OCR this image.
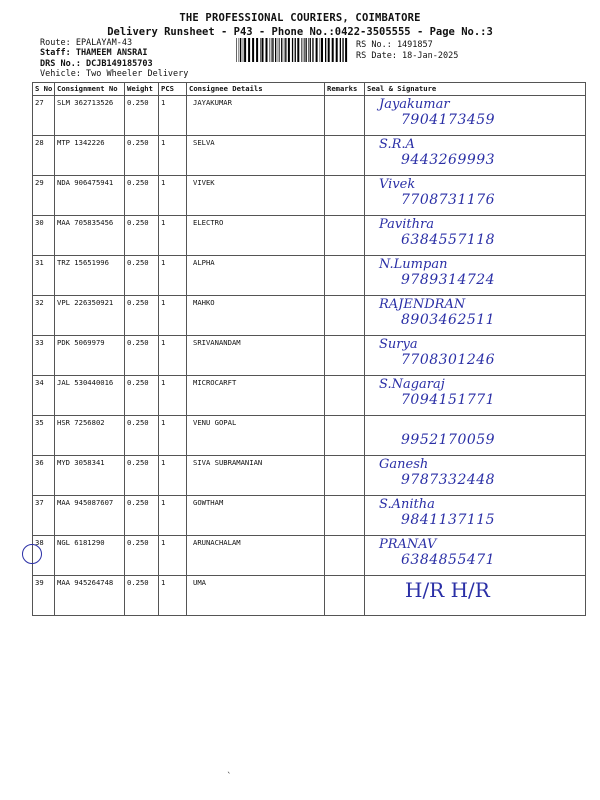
THE PROFESSIONAL COURIERS, COIMBATORE
Delivery Runsheet - P43 - Phone No.:0422-3505555 - Page No.:3
Route: EPALAYAM-43
Staff: THAMEEM ANSRAI
DRS No.: DCJB149185703
Vehicle: Two Wheeler Delivery
RS No.: 1491857
RS Date: 18-Jan-2025
S No	Consignment No	Weight	PCS	Consignee Details	Remarks	Seal & Signature
27	SLM 362713526	0.250	1	JAYAKUMAR		Jayakumar
7904173459

28	MTP 1342226	0.250	1	SELVA		S.R.A
9443269993

29	NDA 906475941	0.250	1	VIVEK		Vivek
7708731176

30	MAA 705835456	0.250	1	ELECTRO		Pavithra
6384557118

31	TRZ 15651996	0.250	1	ALPHA		N.Lumpan
9789314724

32	VPL 226350921	0.250	1	MAHKO		RAJENDRAN
8903462511

33	PDK 5069979	0.250	1	SRIVANANDAM		Surya
7708301246

34	JAL 530440016	0.250	1	MICROCARFT		S.Nagaraj
7094151771

35	HSR 7256802	0.250	1	VENU GOPAL		9952170059

36	MYD 3058341	0.250	1	SIVA SUBRAMANIAN		Ganesh
9787332448

37	MAA 945087607	0.250	1	GOWTHAM		S.Anitha
9841137115

38	NGL 6181290	0.250	1	ARUNACHALAM		PRANAV
6384855471

39	MAA 945264748	0.250	1	UMA		H/R H/R
ˎ
